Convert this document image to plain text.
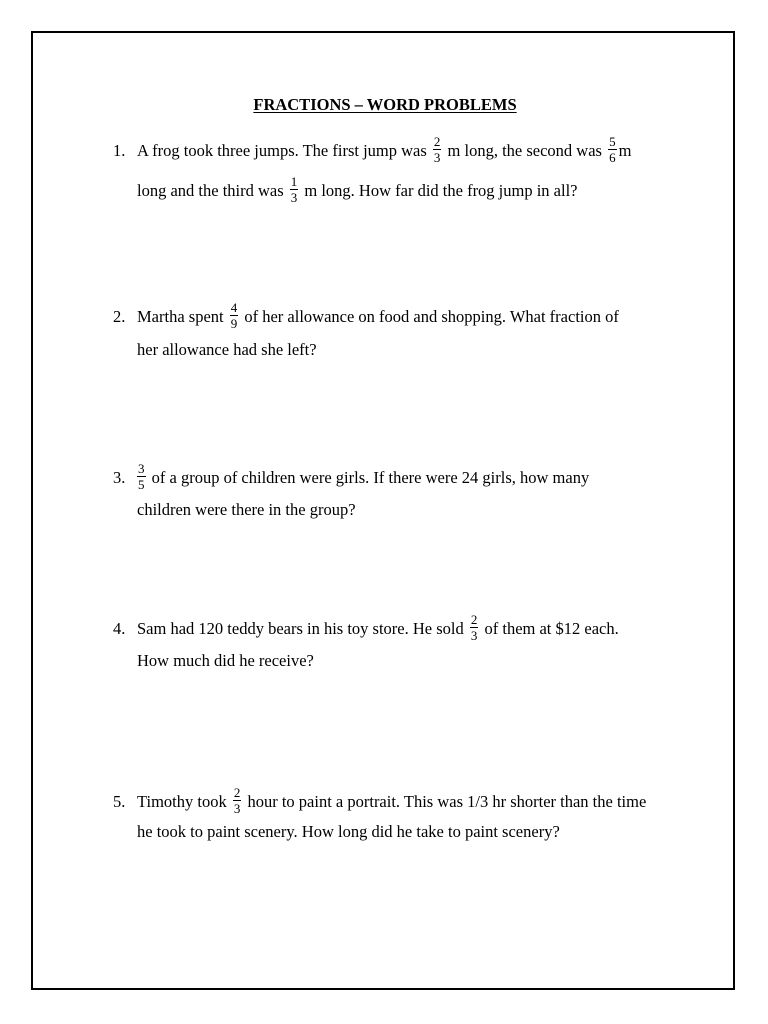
FRACTIONS – WORD PROBLEMS
1. A frog took three jumps. The first jump was $\frac{2}{3}$ m long, the second was $\frac{5}{6}$ m
long and the third was $\frac{1}{3}$ m long. How far did the frog jump in all?
2. Martha spent $\frac{4}{9}$ of her allowance on food and shopping. What fraction of
her allowance had she left?
3. $\frac{3}{5}$ of a group of children were girls. If there were 24 girls, how many
children were there in the group?
4. Sam had 120 teddy bears in his toy store. He sold $\frac{2}{3}$ of them at $12 each.
How much did he receive?
5. Timothy took $\frac{2}{3}$ hour to paint a portrait. This was 1/3 hr shorter than the time
he took to paint scenery. How long did he take to paint scenery?
